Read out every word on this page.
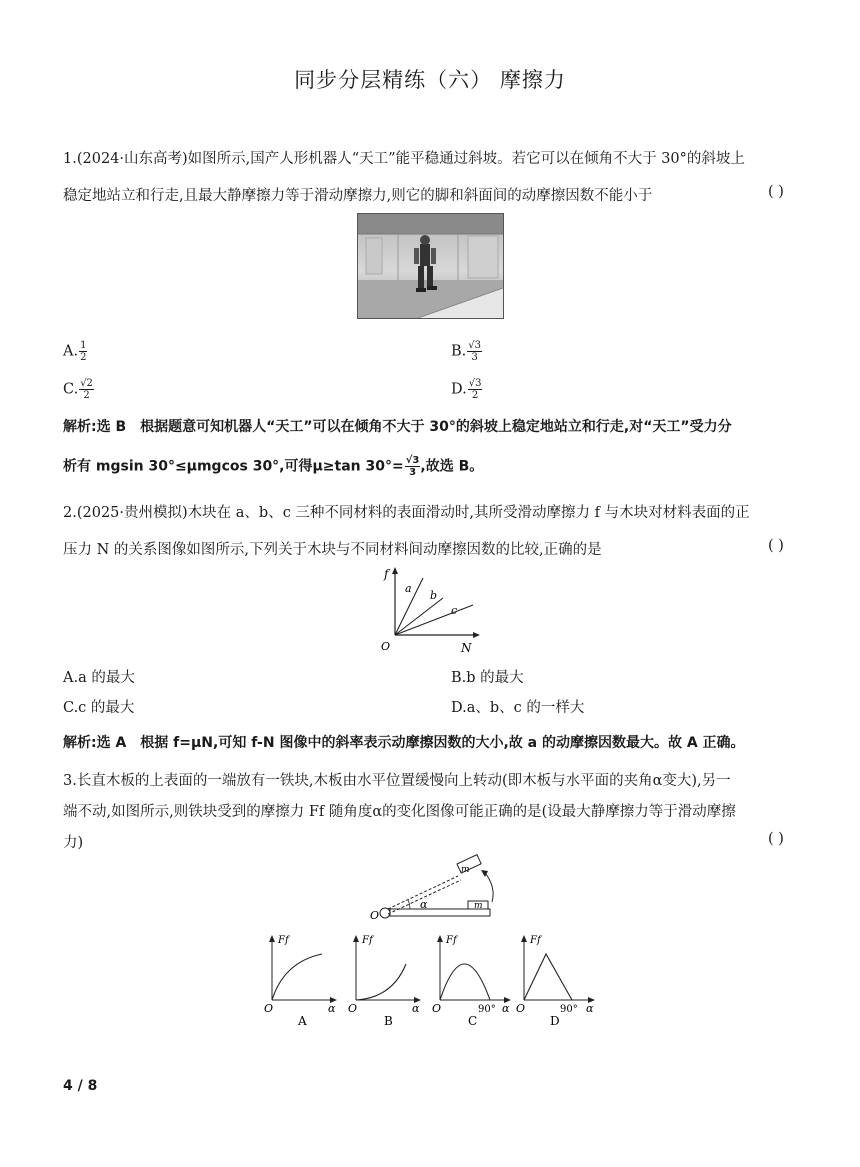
同步分层精练（六） 摩擦力
1.(2024·山东高考)如图所示,国产人形机器人“天工”能平稳通过斜坡。若它可以在倾角不大于 30°的斜坡上
稳定地站立和行走,且最大静摩擦力等于滑动摩擦力,则它的脚和斜面间的动摩擦因数不能小于	( )
A. $\frac{1}{2}$	B. $\frac{√3}{3}$
C. $\frac{√2}{2}$	D. $\frac{√3}{2}$
解析:选 B　根据题意可知机器人“天工”可以在倾角不大于 30°的斜坡上稳定地站立和行走,对“天工”受力分
析有 mgsin 30°≤μmgcos 30°,可得μ≥tan $30^\circ= \frac{√3}{3}$ ,故选 B。
2.(2025·贵州模拟)木块在 a、b、c 三种不同材料的表面滑动时,其所受滑动摩擦力 f 与木块对材料表面的正
压力 N 的关系图像如图所示,下列关于木块与不同材料间动摩擦因数的比较,正确的是	( )
f
N
O
a
b
c
A.a 的最大	B.b 的最大
C.c 的最大	D.a、b、c 的一样大
解析:选 A　根据 f=μN,可知 f-N 图像中的斜率表示动摩擦因数的大小,故 a 的动摩擦因数最大。故 A 正确。
3.长直木板的上表面的一端放有一铁块,木板由水平位置缓慢向上转动(即木板与水平面的夹角α变大),另一
端不动,如图所示,则铁块受到的摩擦力 Ff 随角度α的变化图像可能正确的是(设最大静摩擦力等于滑动摩擦
力)	( )
O
α	m
m
Ff
α
O
A
Ff
α
O
B
Ff
90° α
O
C
Ff
90° α
O
D
4 / 8
